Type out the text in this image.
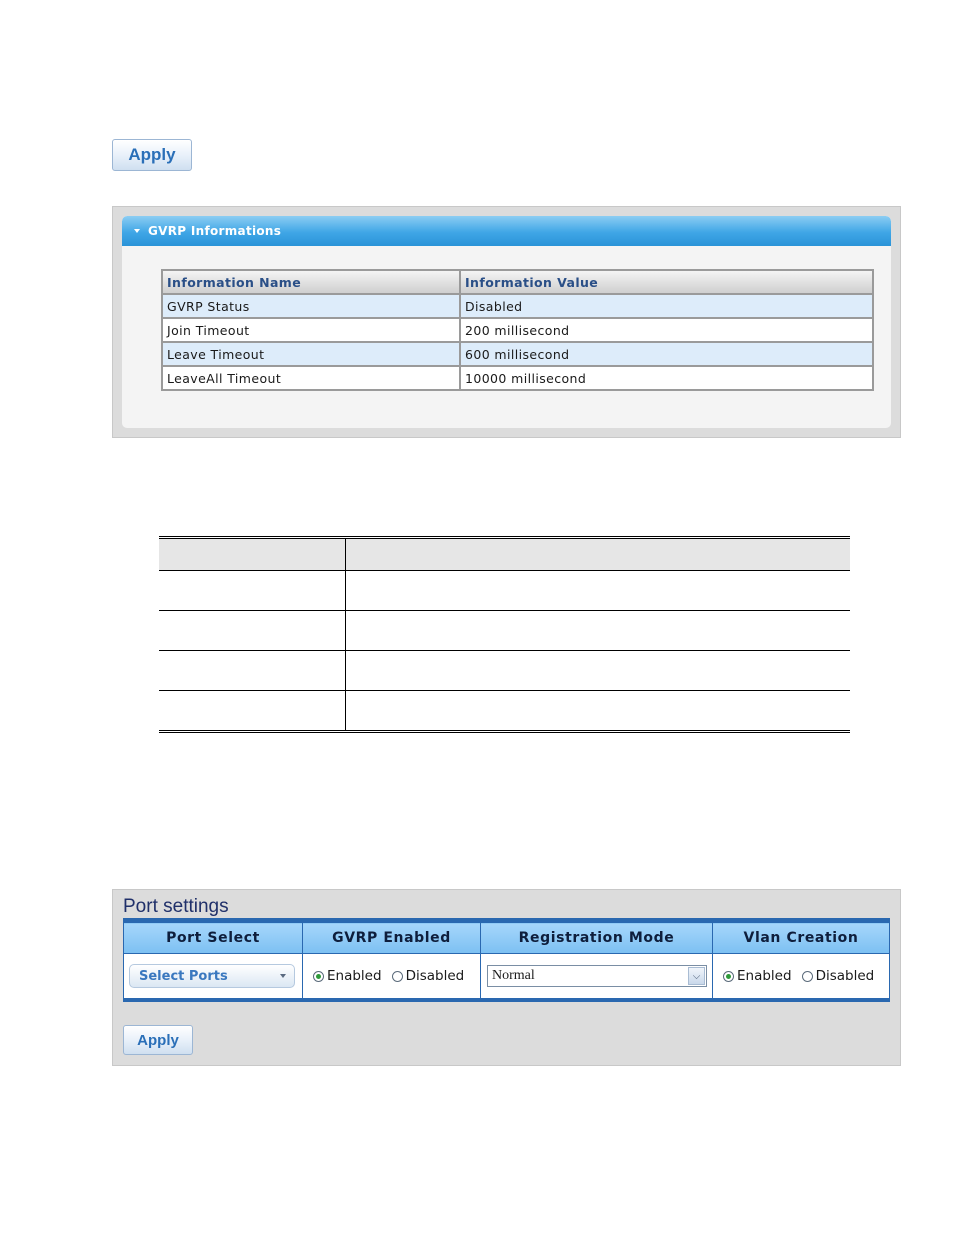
Apply
GVRP Informations
Information Name	Information Value
GVRP Status	Disabled
Join Timeout	200 millisecond
Leave Timeout	600 millisecond
LeaveAll Timeout	10000 millisecond

Port settings
Port Select	GVRP Enabled	Registration Mode	Vlan Creation

Select Ports	Enabled Disabled	Normal ⌵	Enabled Disabled
Apply
